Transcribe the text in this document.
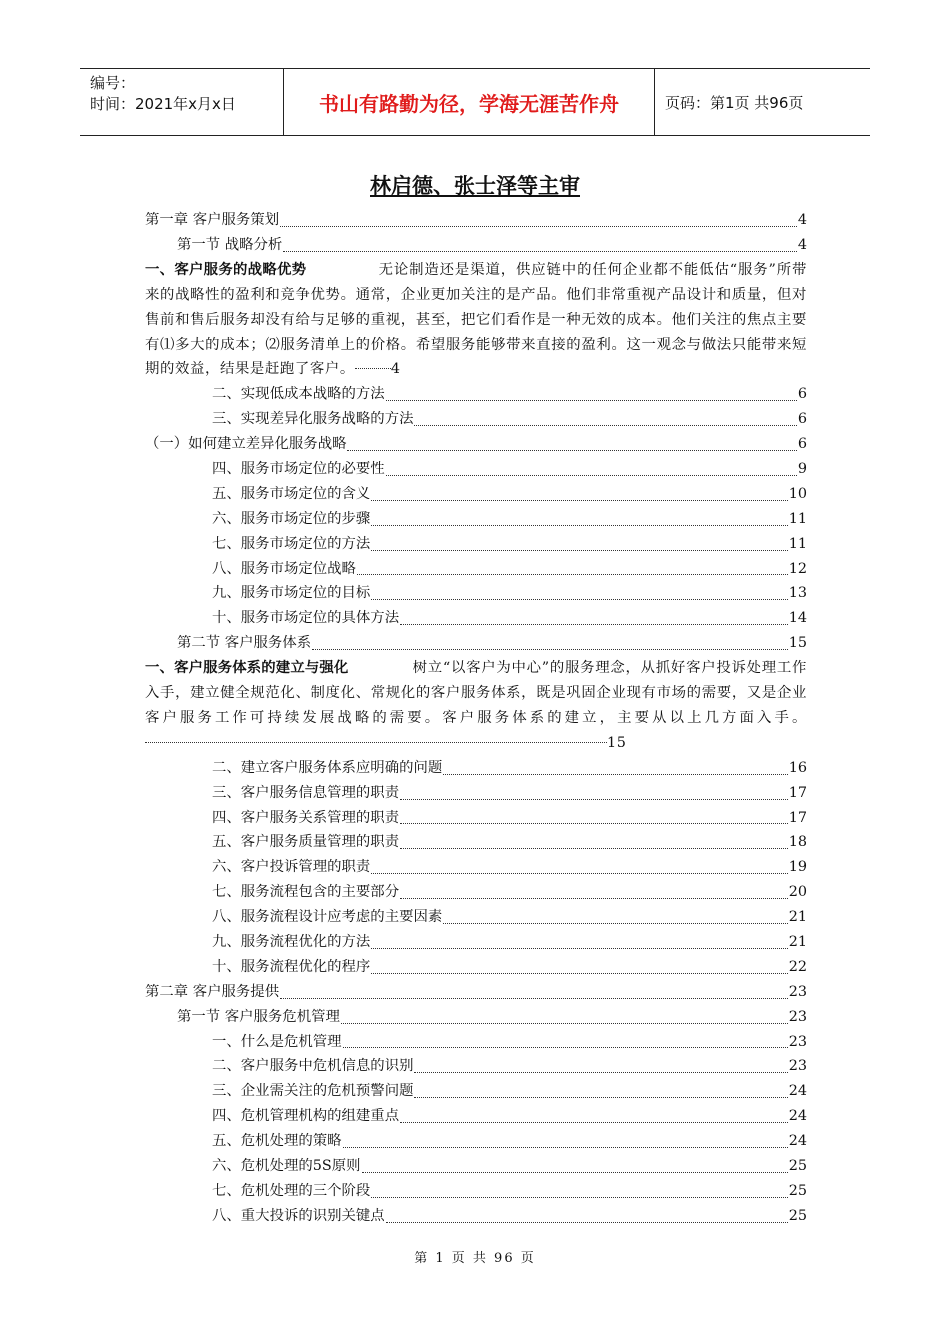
编号：
时间：2021年x月x日	书山有路勤为径，学海无涯苦作舟	页码：第1页 共96页
林启德、张士泽等主审
第一章 客户服务策划	4
第一节 战略分析	4
一、客户服务的战略优势	无论制造还是渠道，供应链中的任何企业都不能低估“服务”所带来的战略性的盈利和竞争优势。通常，企业更加关注的是产品。他们非常重视产品设计和质量，但对售前和售后服务却没有给与足够的重视，甚至，把它们看作是一种无效的成本。他们关注的焦点主要有⑴多大的成本；⑵服务清单上的价格。希望服务能够带来直接的盈利。这一观念与做法只能带来短期的效益，结果是赶跑了客户。	4
二、实现低成本战略的方法	6
三、实现差异化服务战略的方法	6
（一）如何建立差异化服务战略	6
四、服务市场定位的必要性	9
五、服务市场定位的含义	10
六、服务市场定位的步骤	11
七、服务市场定位的方法	11
八、服务市场定位战略	12
九、服务市场定位的目标	13
十、服务市场定位的具体方法	14
第二节 客户服务体系	15
一、客户服务体系的建立与强化	树立“以客户为中心”的服务理念，从抓好客户投诉处理工作入手，建立健全规范化、制度化、常规化的客户服务体系，既是巩固企业现有市场的需要，又是企业客户服务工作可持续发展战略的需要。客户服务体系的建立，主要从以上几方面入手。15
二、建立客户服务体系应明确的问题	16
三、客户服务信息管理的职责	17
四、客户服务关系管理的职责	17
五、客户服务质量管理的职责	18
六、客户投诉管理的职责	19
七、服务流程包含的主要部分	20
八、服务流程设计应考虑的主要因素	21
九、服务流程优化的方法	21
十、服务流程优化的程序	22
第二章 客户服务提供	23
第一节 客户服务危机管理	23
一、什么是危机管理	23
二、客户服务中危机信息的识别	23
三、企业需关注的危机预警问题	24
四、危机管理机构的组建重点	24
五、危机处理的策略	24
六、危机处理的5S原则	25
七、危机处理的三个阶段	25
八、重大投诉的识别关键点	25
第 1 页 共 96 页
